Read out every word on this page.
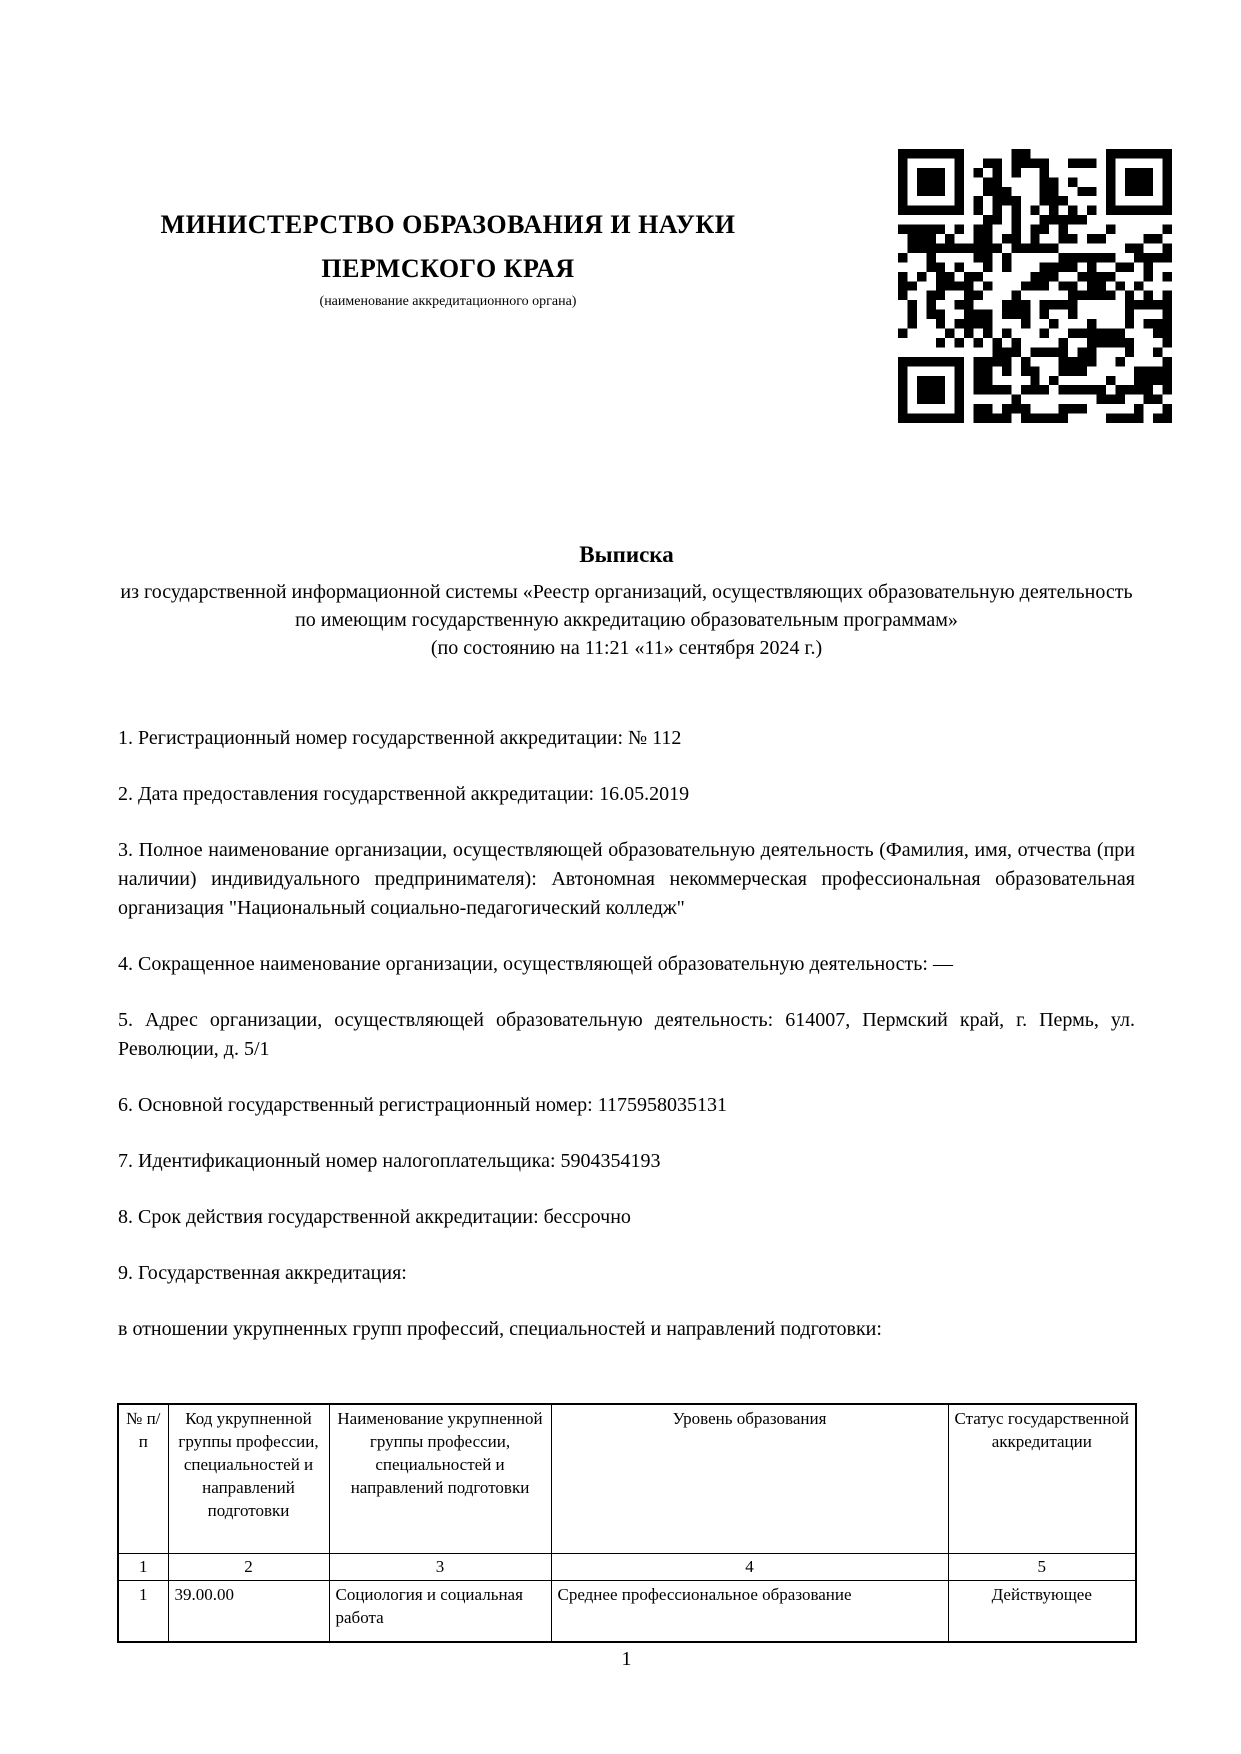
МИНИСТЕРСТВО ОБРАЗОВАНИЯ И НАУКИ
ПЕРМСКОГО КРАЯ
(наименование аккредитационного органа)
Выписка
из государственной информационной системы «Реестр организаций, осуществляющих образовательную деятельность по имеющим государственную аккредитацию образовательным программам»
(по состоянию на 11:21 «11» сентября 2024 г.)

1. Регистрационный номер государственной аккредитации: № 112

2. Дата предоставления государственной аккредитации: 16.05.2019

3. Полное наименование организации, осуществляющей образовательную деятельность (Фамилия, имя, отчества (при наличии) индивидуального предпринимателя): Автономная некоммерческая профессиональная образовательная организация "Национальный социально-педагогический колледж"

4. Сокращенное наименование организации, осуществляющей образовательную деятельность: —

5. Адрес организации, осуществляющей образовательную деятельность: 614007, Пермский край, г. Пермь, ул. Революции, д. 5/1

6. Основной государственный регистрационный номер: 1175958035131

7. Идентификационный номер налогоплательщика: 5904354193

8. Срок действия государственной аккредитации: бессрочно

9. Государственная аккредитация:

в отношении укрупненных групп профессий, специальностей и направлений подготовки:

№ п/п	Код укрупненной группы профессии, специальностей и направлений подготовки	Наименование укрупненной группы профессии, специальностей и направлений подготовки	Уровень образования	Статус государственной аккредитации
1	2	3	4	5
1	39.00.00	Социология и социальная работа	Среднее профессиональное образование	Действующее
1
